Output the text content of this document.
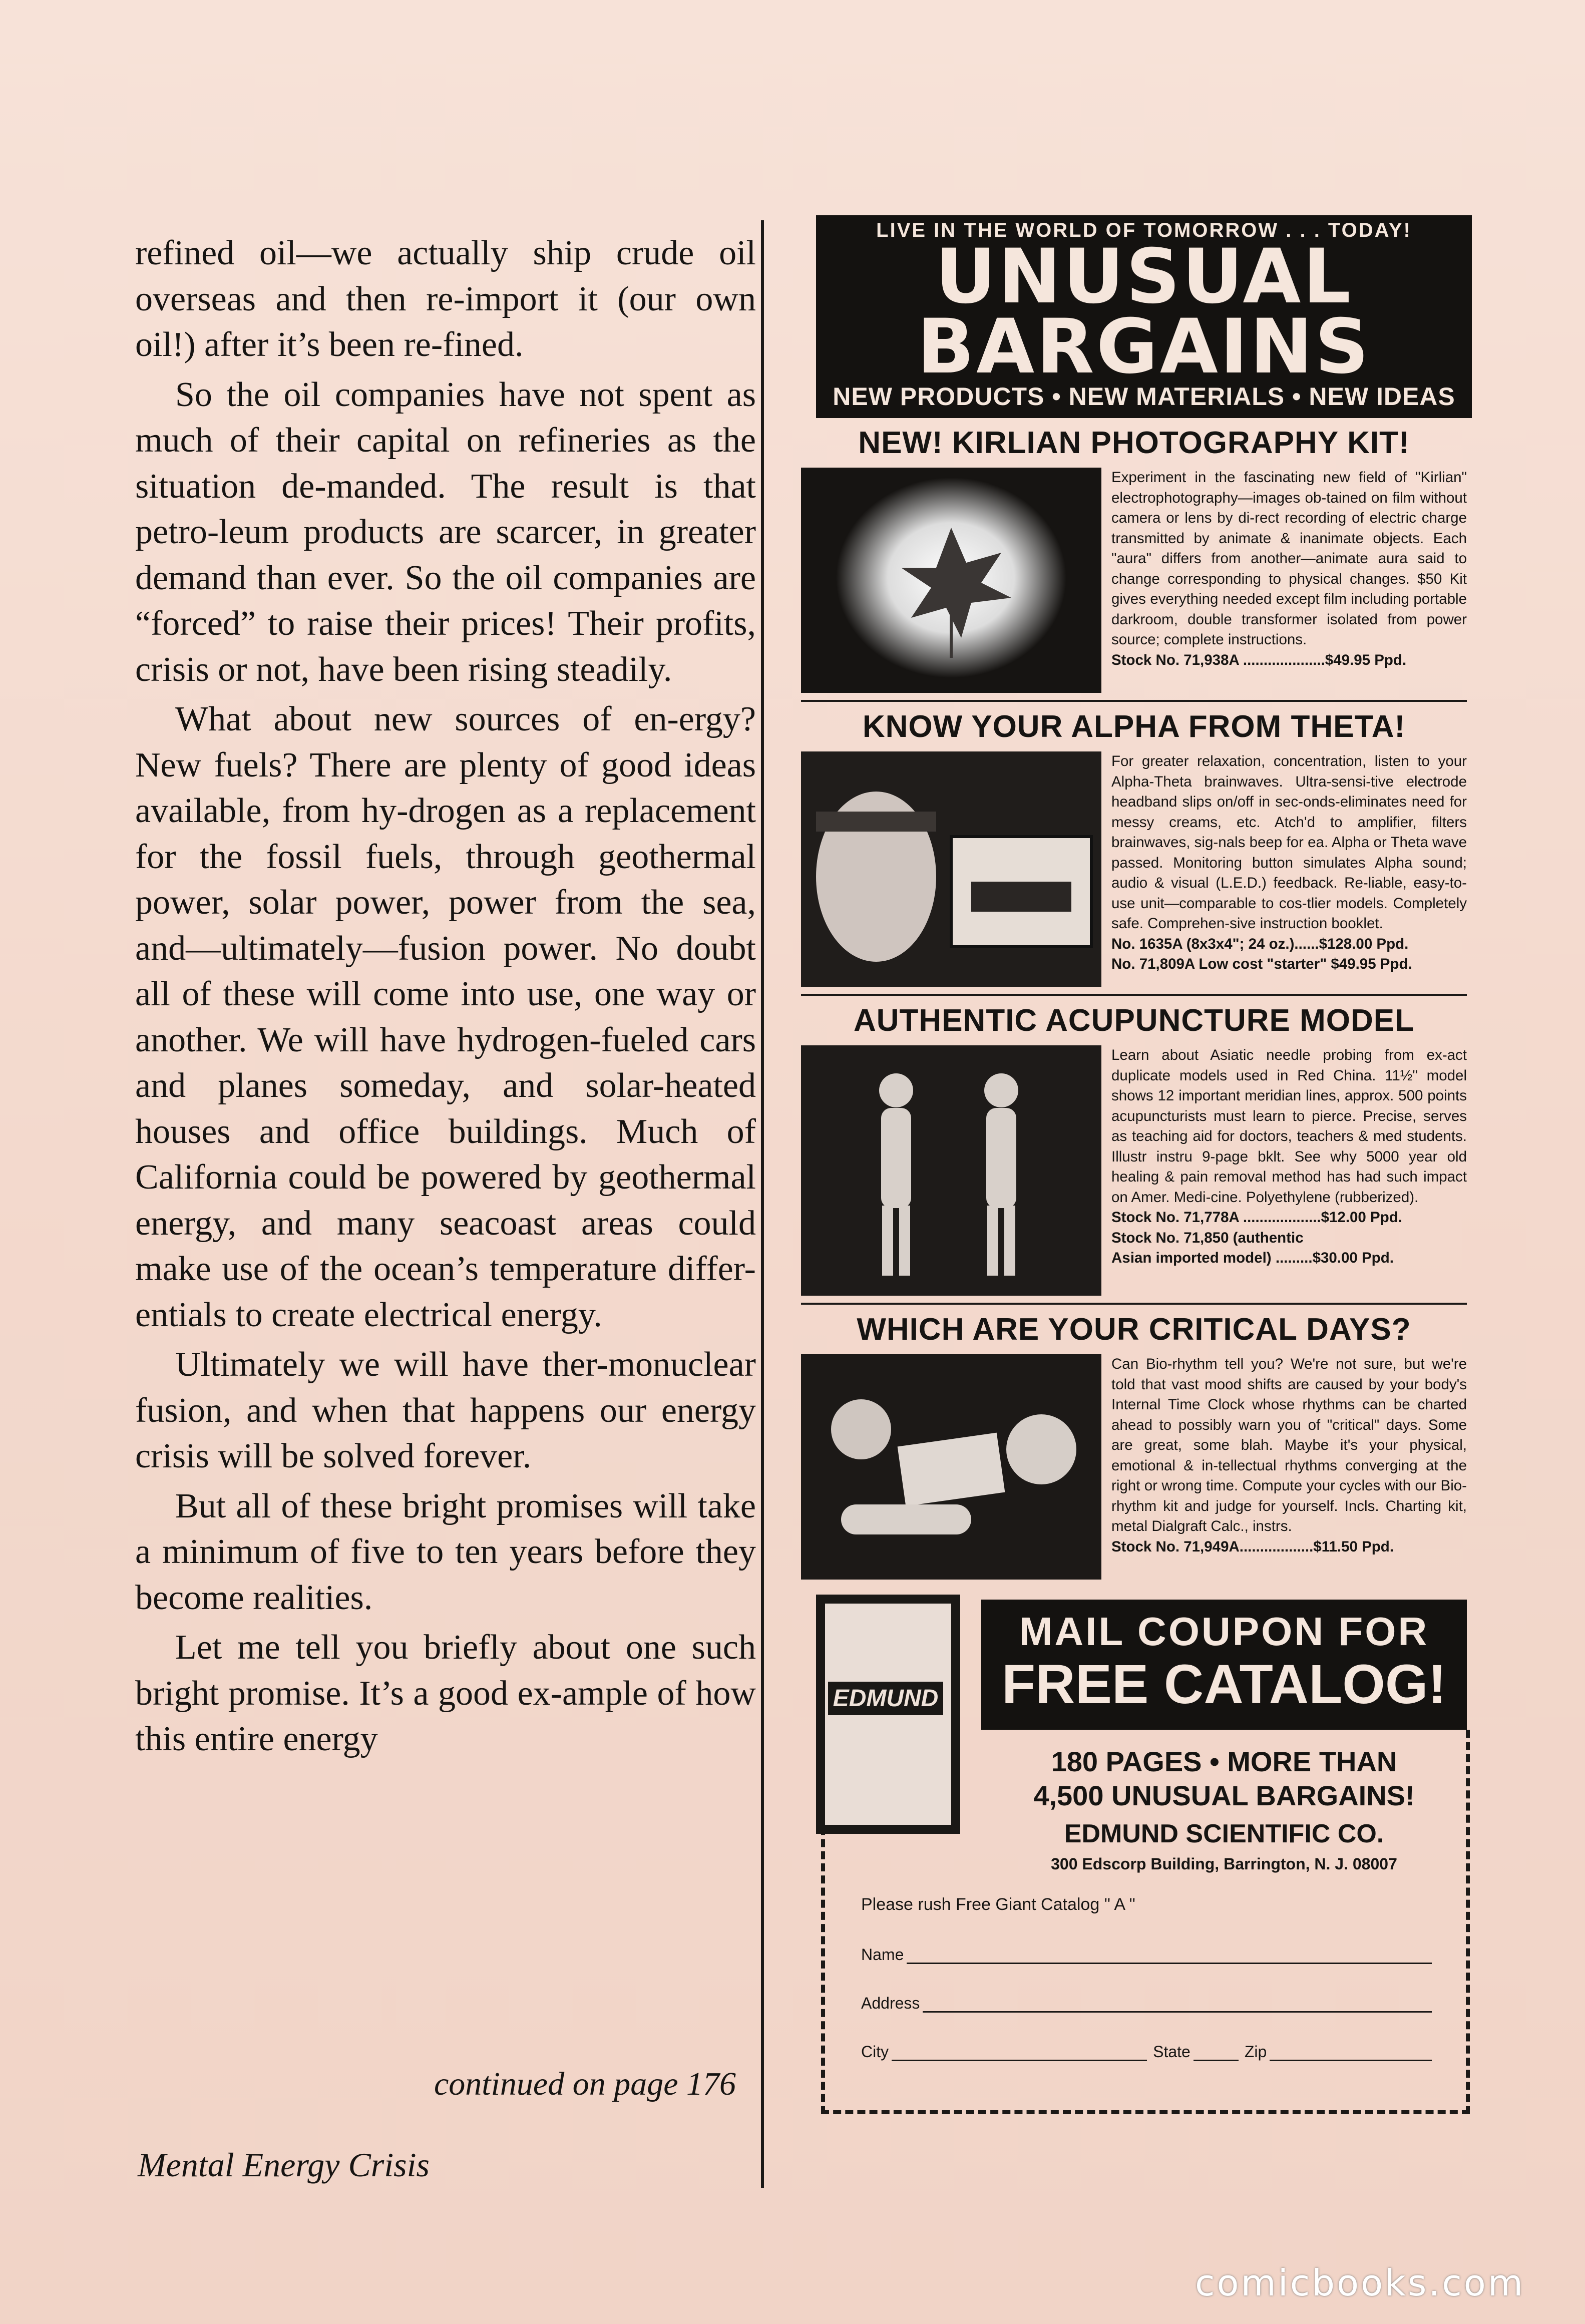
refined oil—we actually ship crude oil overseas and then re-import it (our own oil!) after it’s been re-fined.

So the oil companies have not spent as much of their capital on refineries as the situation de-manded. The result is that petro-leum products are scarcer, in greater demand than ever. So the oil companies are “forced” to raise their prices! Their profits, crisis or not, have been rising steadily.

What about new sources of en-ergy? New fuels? There are plenty of good ideas available, from hy-drogen as a replacement for the fossil fuels, through geothermal power, solar power, power from the sea, and—ultimately—fusion power. No doubt all of these will come into use, one way or another. We will have hydrogen-fueled cars and planes someday, and solar-heated houses and office buildings. Much of California could be powered by geothermal energy, and many seacoast areas could make use of the ocean’s temperature differ-entials to create electrical energy.

Ultimately we will have ther-monuclear fusion, and when that happens our energy crisis will be solved forever.

But all of these bright promises will take a minimum of five to ten years before they become realities.

Let me tell you briefly about one such bright promise. It’s a good ex-ample of how this entire energy

continued on page 176
Mental Energy Crisis
LIVE IN THE WORLD OF TOMORROW . . . TODAY!
UNUSUAL BARGAINS
NEW PRODUCTS • NEW MATERIALS • NEW IDEAS
NEW! KIRLIAN PHOTOGRAPHY KIT!
Experiment in the fascinating new field of "Kirlian" electrophotography—images ob-tained on film without camera or lens by di-rect recording of electric charge transmitted by animate & inanimate objects. Each "aura" differs from another—animate aura said to change corresponding to physical changes. $50 Kit gives everything needed except film including portable darkroom, double transformer isolated from power source; complete instructions.
Stock No. 71,938A ....................$49.95 Ppd.
KNOW YOUR ALPHA FROM THETA!
For greater relaxation, concentration, listen to your Alpha-Theta brainwaves. Ultra-sensi-tive electrode headband slips on/off in sec-onds-eliminates need for messy creams, etc. Atch'd to amplifier, filters brainwaves, sig-nals beep for ea. Alpha or Theta wave passed. Monitoring button simulates Alpha sound; audio & visual (L.E.D.) feedback. Re-liable, easy-to-use unit—comparable to cos-tlier models. Completely safe. Comprehen-sive instruction booklet.
No. 1635A (8x3x4"; 24 oz.)......$128.00 Ppd.
No. 71,809A Low cost "starter" $49.95 Ppd.
AUTHENTIC ACUPUNCTURE MODEL
Learn about Asiatic needle probing from ex-act duplicate models used in Red China. 11½" model shows 12 important meridian lines, approx. 500 points acupuncturists must learn to pierce. Precise, serves as teaching aid for doctors, teachers & med students. Illustr instru 9-page bklt. See why 5000 year old healing & pain removal method has had such impact on Amer. Medi-cine. Polyethylene (rubberized).
Stock No. 71,778A ...................$12.00 Ppd.
Stock No. 71,850 (authentic
Asian imported model) .........$30.00 Ppd.
WHICH ARE YOUR CRITICAL DAYS?
Can Bio-rhythm tell you? We're not sure, but we're told that vast mood shifts are caused by your body's Internal Time Clock whose rhythms can be charted ahead to possibly warn you of "critical" days. Some are great, some blah. Maybe it's your physical, emotional & in-tellectual rhythms converging at the right or wrong time. Compute your cycles with our Bio-rhythm kit and judge for yourself. Incls. Charting kit, metal Dialgraft Calc., instrs.
Stock No. 71,949A..................$11.50 Ppd.
EDMUND
MAIL COUPON FOR
FREE CATALOG!
180 PAGES • MORE THAN
4,500 UNUSUAL BARGAINS!
EDMUND SCIENTIFIC CO.
300 Edscorp Building, Barrington, N. J. 08007
Please rush Free Giant Catalog " A "
Name
Address
City	State	Zip
comicbooks.com
